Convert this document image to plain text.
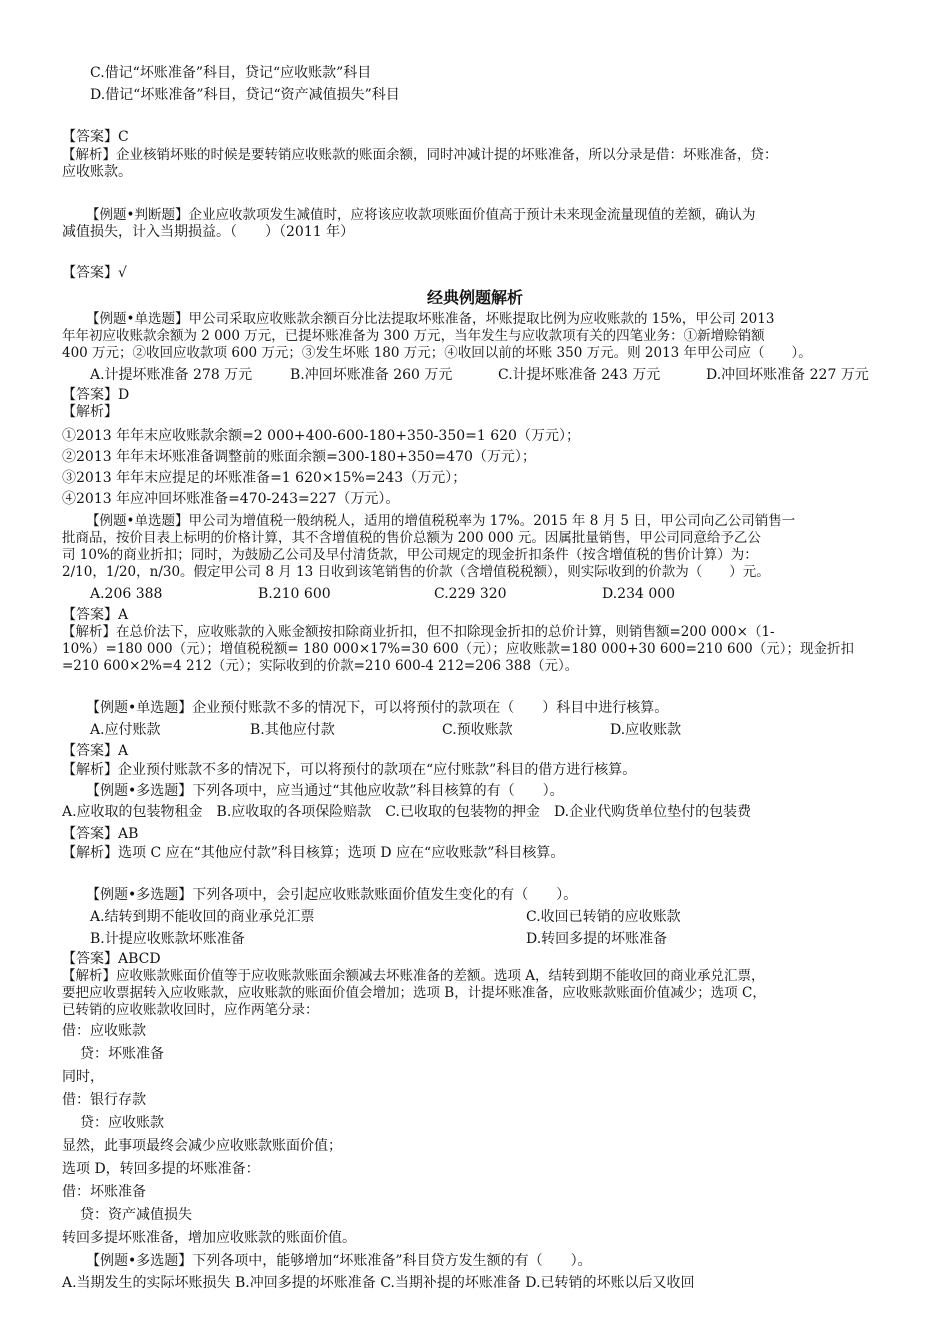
C.借记“坏账准备”科目，贷记“应收账款”科目
D.借记“坏账准备”科目，贷记“资产减值损失”科目
【答案】C
【解析】企业核销坏账的时候是要转销应收账款的账面余额，同时冲减计提的坏账准备，所以分录是借：坏账准备，贷：
应收账款。
【例题•判断题】企业应收款项发生减值时，应将该应收款项账面价值高于预计未来现金流量现值的差额，确认为
减值损失，计入当期损益。（　　）（2011 年）
【答案】√
经典例题解析
【例题•单选题】甲公司采取应收账款余额百分比法提取坏账准备，坏账提取比例为应收账款的 15%，甲公司 2013
年年初应收账款余额为 2 000 万元，已提坏账准备为 300 万元，当年发生与应收款项有关的四笔业务：①新增赊销额
400 万元；②收回应收款项 600 万元；③发生坏账 180 万元；④收回以前的坏账 350 万元。则 2013 年甲公司应（　　）。
A.计提坏账准备 278 万元	B.冲回坏账准备 260 万元	C.计提坏账准备 243 万元	D.冲回坏账准备 227 万元
【答案】D
【解析】
①2013 年年末应收账款余额=2 000+400-600-180+350-350=1 620（万元）；
②2013 年年末坏账准备调整前的账面余额=300-180+350=470（万元）；
③2013 年年末应提足的坏账准备=1 620×15%=243（万元）；
④2013 年应冲回坏账准备=470-243=227（万元）。
【例题•单选题】甲公司为增值税一般纳税人，适用的增值税税率为 17%。2015 年 8 月 5 日，甲公司向乙公司销售一
批商品，按价目表上标明的价格计算，其不含增值税的售价总额为 200 000 元。因属批量销售，甲公司同意给予乙公
司 10%的商业折扣；同时，为鼓励乙公司及早付清货款，甲公司规定的现金折扣条件（按含增值税的售价计算）为：
2/10，1/20，n/30。假定甲公司 8 月 13 日收到该笔销售的价款（含增值税税额），则实际收到的价款为（　　）元。
A.206 388	B.210 600	C.229 320	D.234 000
【答案】A
【解析】在总价法下，应收账款的入账金额按扣除商业折扣，但不扣除现金折扣的总价计算，则销售额=200 000×（1-
10%）=180 000（元）；增值税税额= 180 000×17%=30 600（元）；应收账款=180 000+30 600=210 600（元）；现金折扣
=210 600×2%=4 212（元）；实际收到的价款=210 600-4 212=206 388（元）。
【例题•单选题】企业预付账款不多的情况下，可以将预付的款项在（　　）科目中进行核算。
A.应付账款	B.其他应付款	C.预收账款	D.应收账款
【答案】A
【解析】企业预付账款不多的情况下，可以将预付的款项在“应付账款”科目的借方进行核算。
【例题•多选题】下列各项中，应当通过“其他应收款”科目核算的有（　　）。
A.应收取的包装物租金　B.应收取的各项保险赔款　C.已收取的包装物的押金　D.企业代购货单位垫付的包装费
【答案】AB
【解析】选项 C 应在“其他应付款”科目核算；选项 D 应在“应收账款”科目核算。
【例题•多选题】下列各项中，会引起应收账款账面价值发生变化的有（　　）。
A.结转到期不能收回的商业承兑汇票	C.收回已转销的应收账款
B.计提应收账款坏账准备	D.转回多提的坏账准备
【答案】ABCD
【解析】应收账款账面价值等于应收账款账面余额减去坏账准备的差额。选项 A，结转到期不能收回的商业承兑汇票，
要把应收票据转入应收账款，应收账款的账面价值会增加；选项 B，计提坏账准备，应收账款账面价值减少；选项 C，
已转销的应收账款收回时，应作两笔分录：
借：应收账款
贷：坏账准备
同时，
借：银行存款
贷：应收账款
显然，此事项最终会减少应收账款账面价值；
选项 D，转回多提的坏账准备：
借：坏账准备
贷：资产减值损失
转回多提坏账准备，增加应收账款的账面价值。
【例题•多选题】下列各项中，能够增加“坏账准备”科目贷方发生额的有（　　）。
A.当期发生的实际坏账损失 B.冲回多提的坏账准备 C.当期补提的坏账准备 D.已转销的坏账以后又收回
